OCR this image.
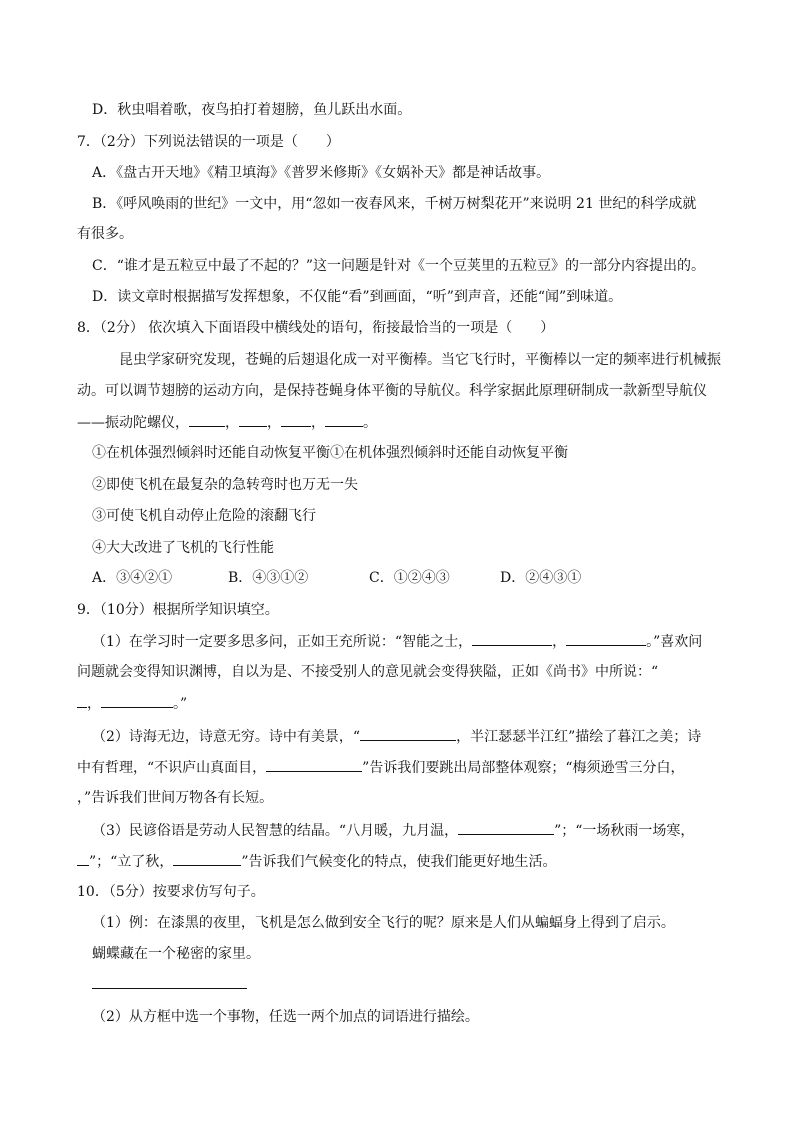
D．秋虫唱着歌，夜鸟拍打着翅膀，鱼儿跃出水面。
7．（2分）下列说法错误的一项是（　　）
A．《盘古开天地》《精卫填海》《普罗米修斯》《女娲补天》都是神话故事。
B．《呼风唤雨的世纪》一文中，用“忽如一夜春风来，千树万树梨花开”来说明 21 世纪的科学成就
有很多。
C．“谁才是五粒豆中最了不起的？”这一问题是针对《一个豆荚里的五粒豆》的一部分内容提出的。
D．读文章时根据描写发挥想象，不仅能“看”到画面，“听”到声音，还能“闻”到味道。
8．（2分） 依次填入下面语段中横线处的语句，衔接最恰当的一项是（　　）
昆虫学家研究发现，苍蝇的后翅退化成一对平衡棒。当它飞行时，平衡棒以一定的频率进行机械振
动。可以调节翅膀的运动方向，是保持苍蝇身体平衡的导航仪。科学家据此原理研制成一款新型导航仪
——振动陀螺仪，	， ， ，	。
①在机体强烈倾斜时还能自动恢复平衡①在机体强烈倾斜时还能自动恢复平衡
②即使飞机在最复杂的急转弯时也万无一失
③可使飞机自动停止危险的滚翻飞行
④大大改进了飞机的飞行性能
A．③④②①	B．④③①②	C．①②④③	D．②④③①
9．（10分）根据所学知识填空。
（1）在学习时一定要多思多问，正如王充所说：“智能之士，	，	。”喜欢问
问题就会变得知识渊博，自以为是、不接受别人的意见就会变得狭隘，正如《尚书》中所说：“
，	。”
（2）诗海无边，诗意无穷。诗中有美景，“	，半江瑟瑟半江红”描绘了暮江之美；诗
中有哲理，“不识庐山真面目，	”告诉我们要跳出局部整体观察；“梅须逊雪三分白，
，”告诉我们世间万物各有长短。
（3）民谚俗语是劳动人民智慧的结晶。“八月暖，九月温，	”；“一场秋雨一场寒，
”；“立了秋，	”告诉我们气候变化的特点，使我们能更好地生活。
10．（5分）按要求仿写句子。
（1）例：在漆黑的夜里，飞机是怎么做到安全飞行的呢？原来是人们从蝙蝠身上得到了启示。
蝴蝶藏在一个秘密的家里。
（2）从方框中选一个事物，任选一两个加点的词语进行描绘。
